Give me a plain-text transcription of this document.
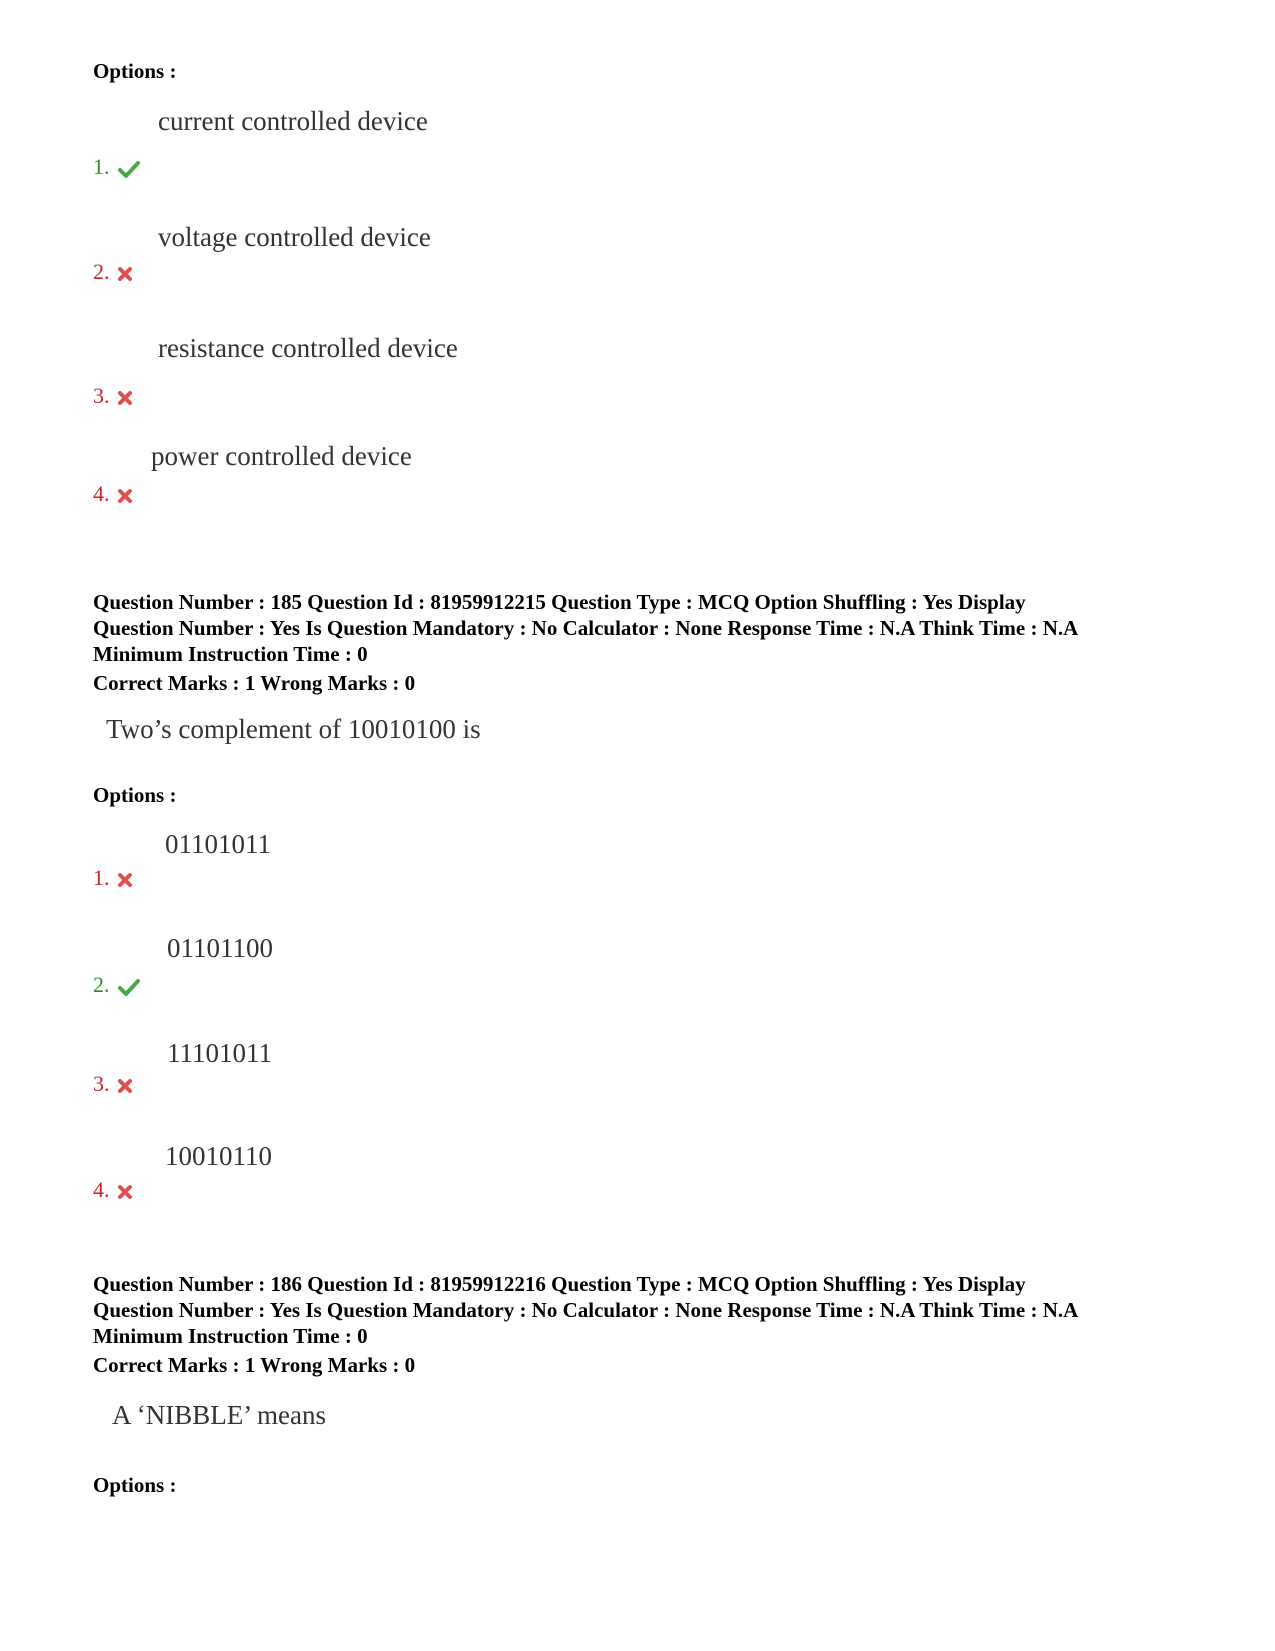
Options :
current controlled device
1.
voltage controlled device
2.
resistance controlled device
3.
power controlled device
4.
Question Number : 185 Question Id : 81959912215 Question Type : MCQ Option Shuffling : Yes Display
Question Number : Yes Is Question Mandatory : No Calculator : None Response Time : N.A Think Time : N.A
Minimum Instruction Time : 0
Correct Marks : 1 Wrong Marks : 0
Two’s complement of 10010100 is
Options :
01101011
1.
01101100
2.
11101011
3.
10010110
4.
Question Number : 186 Question Id : 81959912216 Question Type : MCQ Option Shuffling : Yes Display
Question Number : Yes Is Question Mandatory : No Calculator : None Response Time : N.A Think Time : N.A
Minimum Instruction Time : 0
Correct Marks : 1 Wrong Marks : 0
A ‘NIBBLE’ means
Options :
